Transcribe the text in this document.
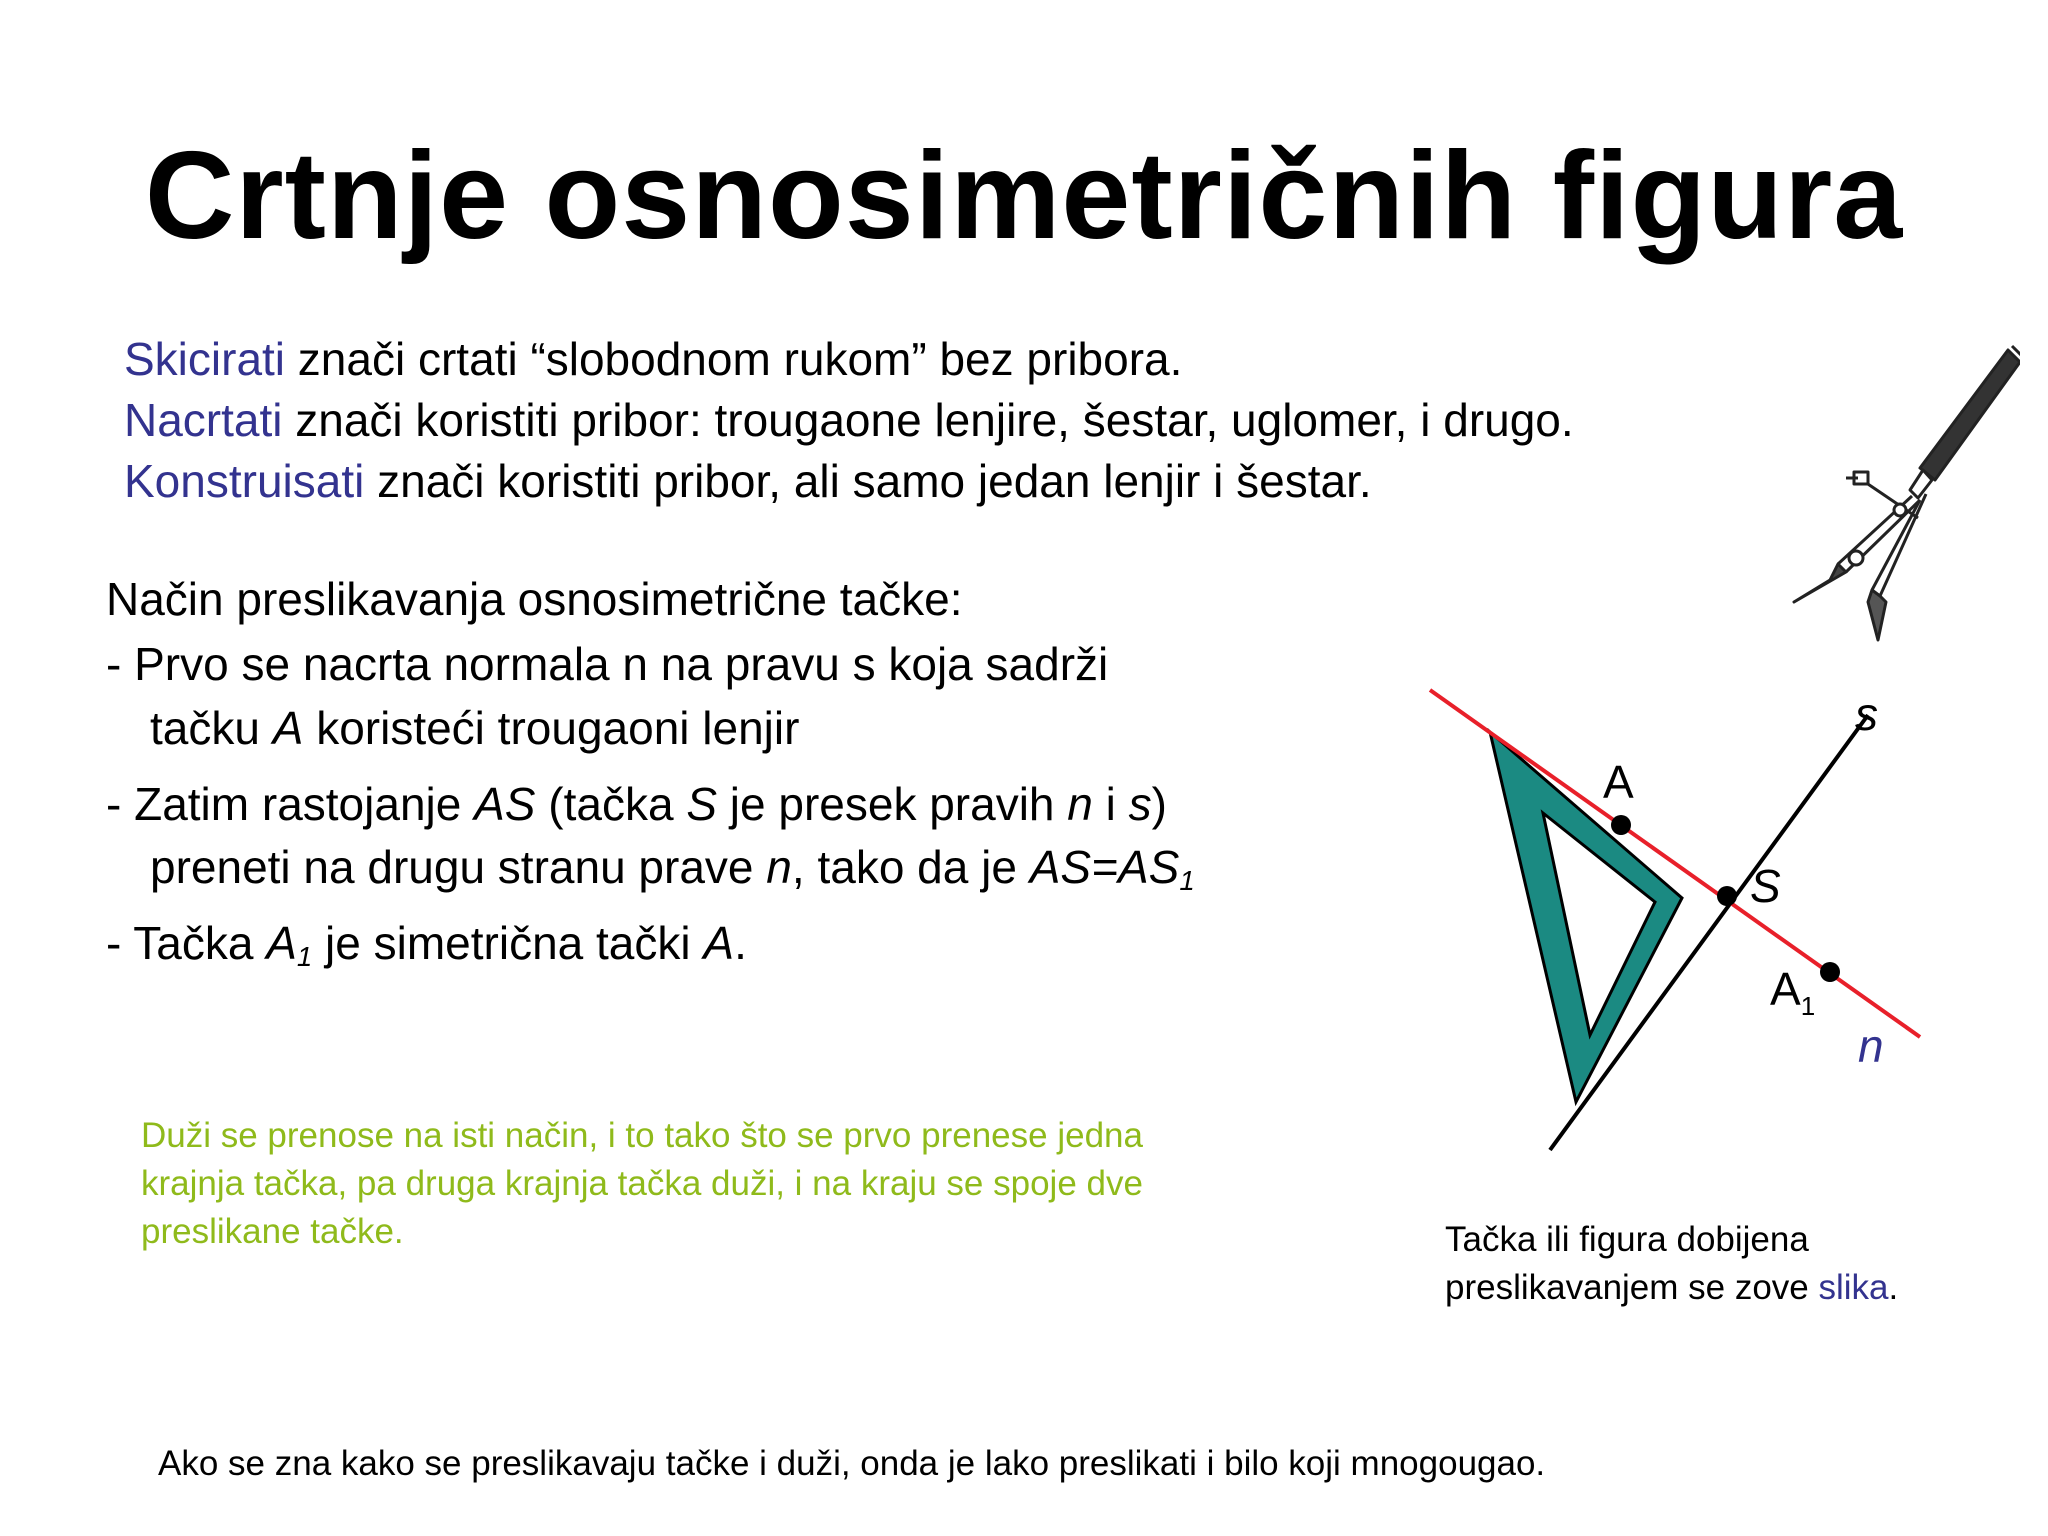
Crtnje osnosimetričnih figura
Skicirati znači crtati “slobodnom rukom” bez pribora.
Nacrtati znači koristiti pribor: trougaone lenjire, šestar, uglomer, i drugo.
Konstruisati znači koristiti pribor, ali samo jedan lenjir i šestar.
Način preslikavanja osnosimetrične tačke:
- Prvo se nacrta normala n na pravu s koja sadrži
tačku A koristeći trougaoni lenjir
- Zatim rastojanje AS (tačka S je presek pravih n i s)
preneti na drugu stranu prave n, tako da je $AS=AS_1$
- Tačka $A_1$ je simetrična tački A.
Duži se prenose na isti način, i to tako što se prvo prenese jedna
krajnja tačka, pa druga krajnja tačka duži, i na kraju se spoje dve
preslikane tačke.
A
S
$A_1$
s
n
Tačka ili figura dobijena
preslikavanjem se zove slika.
Ako se zna kako se preslikavaju tačke i duži, onda je lako preslikati i bilo koji mnogougao.
